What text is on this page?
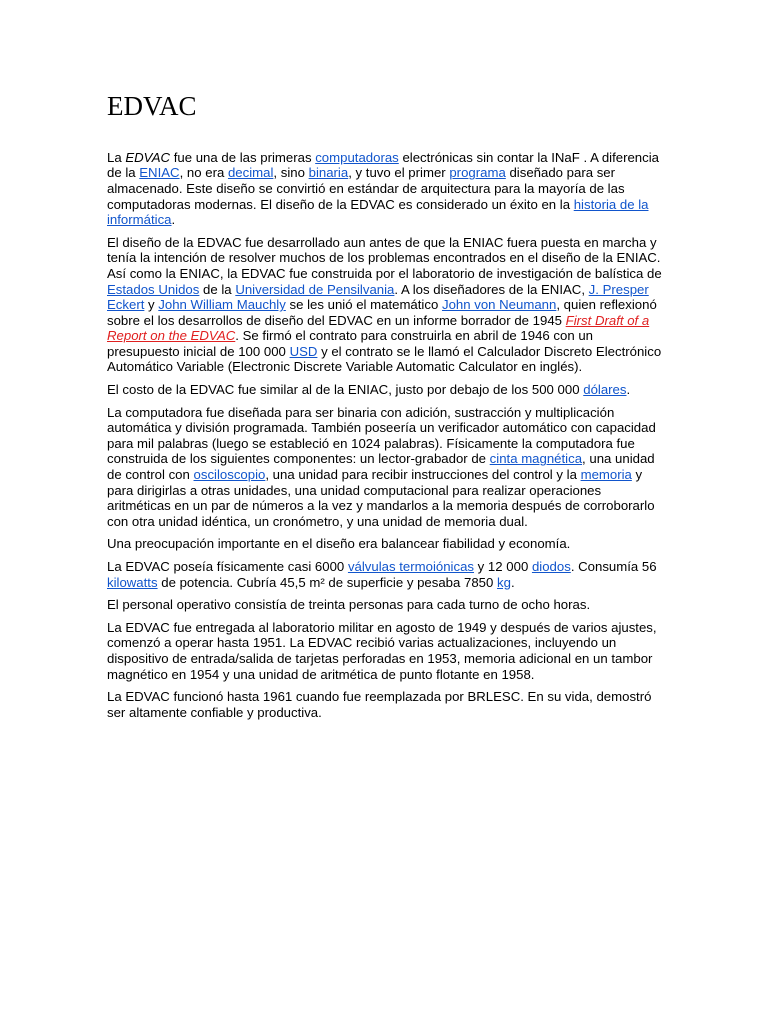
EDVAC

La EDVAC fue una de las primeras computadoras electrónicas sin contar la INaF . A diferencia de la ENIAC, no era decimal, sino binaria, y tuvo el primer programa diseñado para ser almacenado. Este diseño se convirtió en estándar de arquitectura para la mayoría de las computadoras modernas. El diseño de la EDVAC es considerado un éxito en la historia de la informática.

El diseño de la EDVAC fue desarrollado aun antes de que la ENIAC fuera puesta en marcha y tenía la intención de resolver muchos de los problemas encontrados en el diseño de la ENIAC. Así como la ENIAC, la EDVAC fue construida por el laboratorio de investigación de balística de Estados Unidos de la Universidad de Pensilvania. A los diseñadores de la ENIAC, J. Presper Eckert y John William Mauchly se les unió el matemático John von Neumann, quien reflexionó sobre el los desarrollos de diseño del EDVAC en un informe borrador de 1945 First Draft of a Report on the EDVAC. Se firmó el contrato para construirla en abril de 1946 con un presupuesto inicial de 100 000 USD y el contrato se le llamó el Calculador Discreto Electrónico Automático Variable (Electronic Discrete Variable Automatic Calculator en inglés).

El costo de la EDVAC fue similar al de la ENIAC, justo por debajo de los 500 000 dólares.

La computadora fue diseñada para ser binaria con adición, sustracción y multiplicación automática y división programada. También poseería un verificador automático con capacidad para mil palabras (luego se estableció en 1024 palabras). Físicamente la computadora fue construida de los siguientes componentes: un lector-grabador de cinta magnética, una unidad de control con osciloscopio, una unidad para recibir instrucciones del control y la memoria y para dirigirlas a otras unidades, una unidad computacional para realizar operaciones aritméticas en un par de números a la vez y mandarlos a la memoria después de corroborarlo con otra unidad idéntica, un cronómetro, y una unidad de memoria dual.

Una preocupación importante en el diseño era balancear fiabilidad y economía.

La EDVAC poseía físicamente casi 6000 válvulas termoiónicas y 12 000 diodos. Consumía 56 kilowatts de potencia. Cubría 45,5 m² de superficie y pesaba 7850 kg.

El personal operativo consistía de treinta personas para cada turno de ocho horas.

La EDVAC fue entregada al laboratorio militar en agosto de 1949 y después de varios ajustes, comenzó a operar hasta 1951. La EDVAC recibió varias actualizaciones, incluyendo un dispositivo de entrada/salida de tarjetas perforadas en 1953, memoria adicional en un tambor magnético en 1954 y una unidad de aritmética de punto flotante en 1958.

La EDVAC funcionó hasta 1961 cuando fue reemplazada por BRLESC. En su vida, demostró ser altamente confiable y productiva.
